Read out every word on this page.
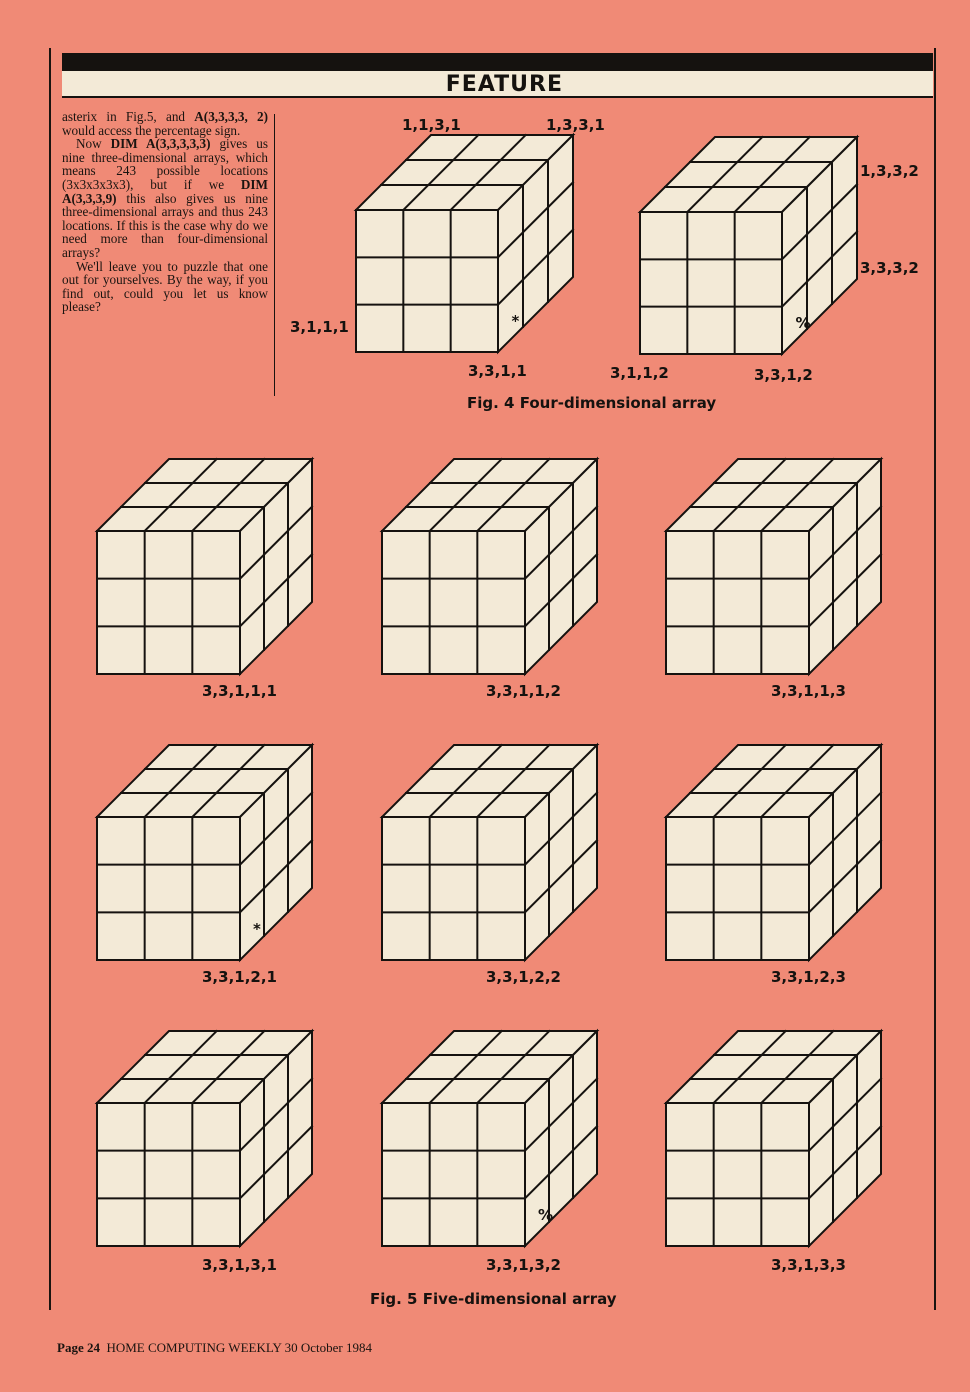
FEATURE

asterix in Fig.5, and A(3,3,3,3, 2) would access the percentage sign.

Now DIM A(3,3,3,3,3) gives us nine three-dimensional arrays, which means 243 possible locations (3x3x3x3x3), but if we DIM A(3,3,3,9) this also gives us nine three-dimensional arrays and thus 243 locations. If this is the case why do we need more than four-dimensional arrays?

We'll leave you to puzzle that one out for yourselves. By the way, if you find out, could you let us know please?

*	%
*
%
1,1,3,1	1,3,3,1
3,1,1,1
3,3,1,1
1,3,3,2
3,3,3,2
3,1,1,2	3,3,1,2
Fig. 4 Four-dimensional array
3,3,1,1,1	3,3,1,1,2	3,3,1,1,3
3,3,1,2,1	3,3,1,2,2	3,3,1,2,3
3,3,1,3,1	3,3,1,3,2	3,3,1,3,3
Fig. 5 Five-dimensional array
Page 24 HOME COMPUTING WEEKLY 30 October 1984
